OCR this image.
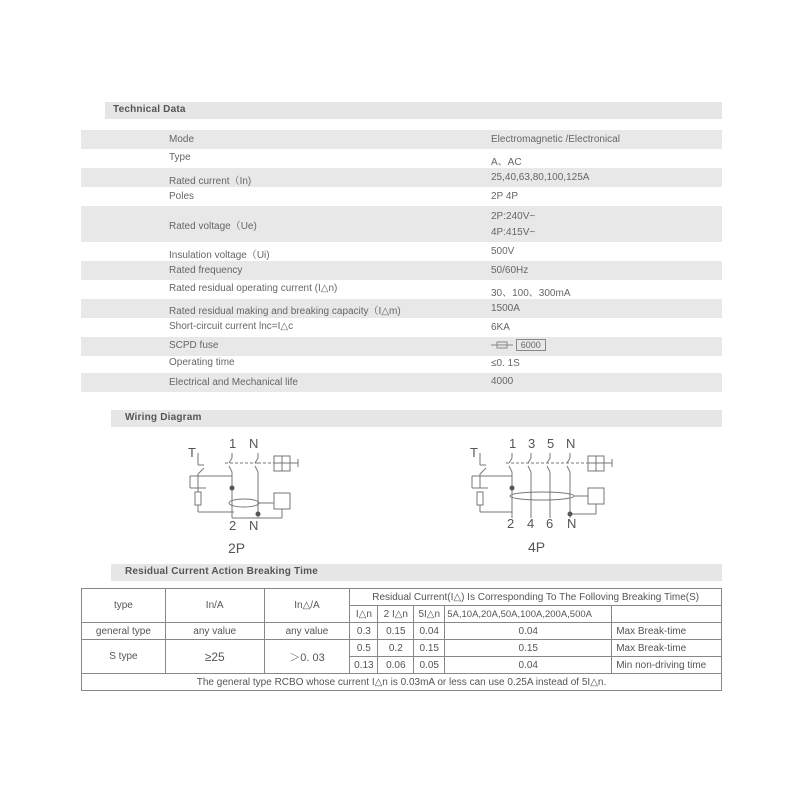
Technical Data
Mode	Electromagnetic /Electronical
Type	A、AC
Rated current（In)	25,40,63,80,100,125A
Poles	2P 4P
Rated voltage（Ue)
2P:240V~
4P:415V~
Insulation voltage（Ui)	500V
Rated frequency	50/60Hz
Rated residual operating current (I△n)	30、100、300mA
Rated residual making and breaking capacity（I△m)	1500A
Short-circuit current lnc=I△c	6KA
SCPD fuse	6000
Operating time	≤0. 1S
Electrical and Mechanical life	4000
Wiring Diagram
T
1 N
2 N
2P
T
1 3 5 N
2 4 6 N
4P
Residual Current Action Breaking Time
type	In/A	In△/A	Residual Current(I△) Is Corresponding To The Folloving Breaking Time(S)				
			I△n	2 I△n	5I△n	5A,10A,20A,50A,100A,200A,500A	
general type	any value	any value	0.3	0.15	0.04	0.04	Max Break-time
S type	≥25	＞0. 03	0.5	0.2	0.15	0.15	Max Break-time
			0.13	0.06	0.05	0.04	Min non-driving time
The general type RCBO whose current I△n is 0.03mA or less can use 0.25A instead of 5I△n.							
